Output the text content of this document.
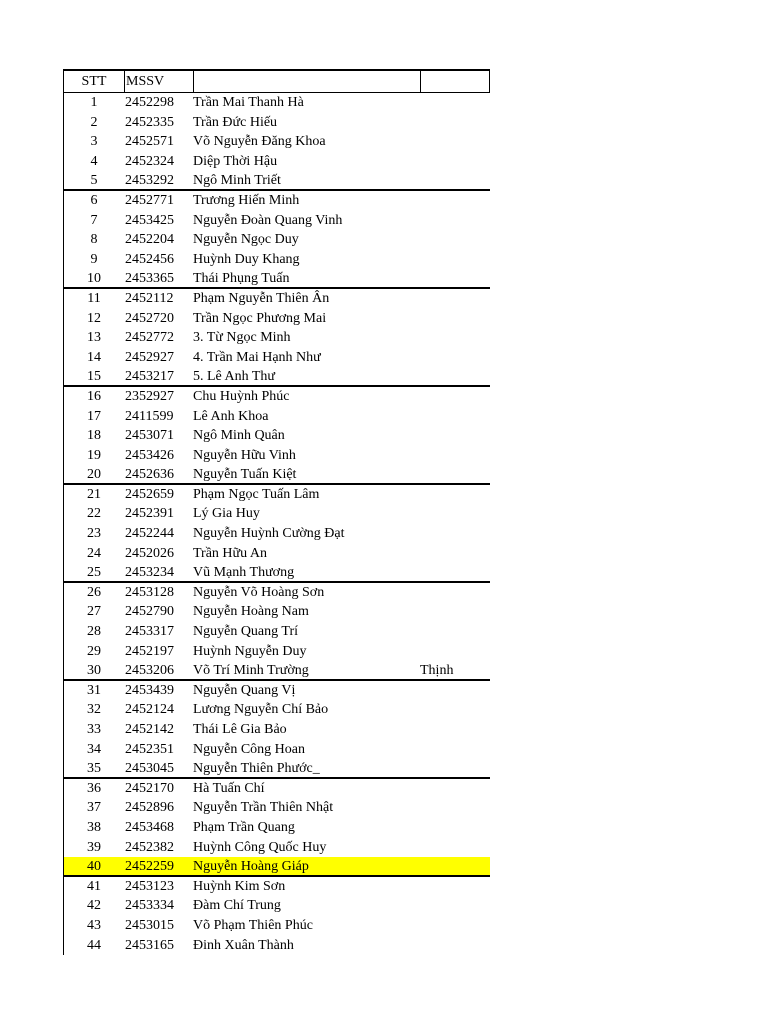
STT	MSSV
1	2452298	Trần Mai Thanh Hà
2	2452335	Trần Đức Hiếu
3	2452571	Võ Nguyễn Đăng Khoa
4	2452324	Diệp Thời Hậu
5	2453292	Ngô Minh Triết
6	2452771	Trương Hiến Minh
7	2453425	Nguyễn Đoàn Quang Vinh
8	2452204	Nguyễn Ngọc Duy
9	2452456	Huỳnh Duy Khang
10	2453365	Thái Phụng Tuấn
11	2452112	Phạm Nguyễn Thiên Ân
12	2452720	Trần Ngọc Phương Mai
13	2452772	3. Từ Ngọc Minh
14	2452927	4. Trần Mai Hạnh Như
15	2453217	5. Lê Anh Thư
16	2352927	Chu Huỳnh Phúc
17	2411599	Lê Anh Khoa
18	2453071	Ngô Minh Quân
19	2453426	Nguyễn Hữu Vinh
20	2452636	Nguyễn Tuấn Kiệt
21	2452659	Phạm Ngọc Tuấn Lâm
22	2452391	Lý Gia Huy
23	2452244	Nguyễn Huỳnh Cường Đạt
24	2452026	Trần Hữu An
25	2453234	Vũ Mạnh Thương
26	2453128	Nguyễn Võ Hoàng Sơn
27	2452790	Nguyễn Hoàng Nam
28	2453317	Nguyễn Quang Trí
29	2452197	Huỳnh Nguyễn Duy
30	2453206	Võ Trí Minh Trường	Thịnh
31	2453439	Nguyễn Quang Vị
32	2452124	Lương Nguyễn Chí Bảo
33	2452142	Thái Lê Gia Bảo
34	2452351	Nguyễn Công Hoan
35	2453045	Nguyễn Thiên Phước_
36	2452170	Hà Tuấn Chí
37	2452896	Nguyễn Trần Thiên Nhật
38	2453468	Phạm Trần Quang
39	2452382	Huỳnh Công Quốc Huy
40	2452259	Nguyễn Hoàng Giáp
41	2453123	Huỳnh Kim Sơn
42	2453334	Đàm Chí Trung
43	2453015	Võ Phạm Thiên Phúc
44	2453165	Đinh Xuân Thành
